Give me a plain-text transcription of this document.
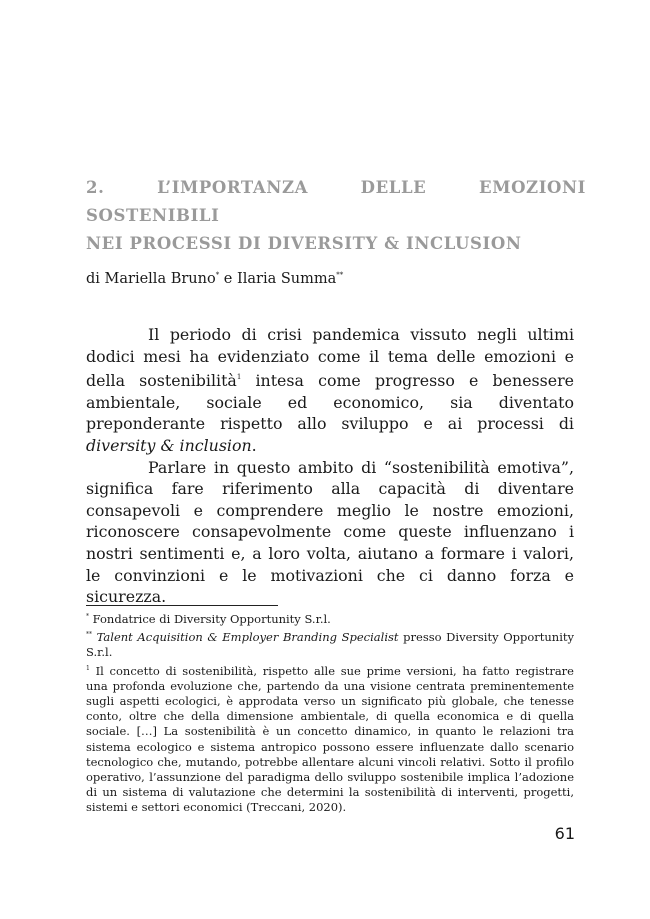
2. L’IMPORTANZA DELLE EMOZIONI SOSTENIBILI
NEI PROCESSI DI DIVERSITY & INCLUSION
di Mariella Bruno* e Ilaria Summa**

Il periodo di crisi pandemica vissuto negli ultimi dodici mesi ha evidenziato come il tema delle emozioni e della sostenibilità$^1$ intesa come progresso e benessere ambientale, sociale ed economico, sia diventato preponderante rispetto allo sviluppo e ai processi di diversity & inclusion.

Parlare in questo ambito di “sostenibilità emotiva”, significa fare riferimento alla capacità di diventare consapevoli e comprendere meglio le nostre emozioni, riconoscere consapevolmente come queste influenzano i nostri sentimenti e, a loro volta, aiutano a formare i valori, le convinzioni e le motivazioni che ci danno forza e sicurezza.

* Fondatrice di Diversity Opportunity S.r.l.

** Talent Acquisition & Employer Branding Specialist presso Diversity Opportunity S.r.l.

$^1$ Il concetto di sostenibilità, rispetto alle sue prime versioni, ha fatto registrare una profonda evoluzione che, partendo da una visione centrata preminentemente sugli aspetti ecologici, è approdata verso un significato più globale, che tenesse conto, oltre che della dimensione ambientale, di quella economica e di quella sociale. […] La sostenibilità è un concetto dinamico, in quanto le relazioni tra sistema ecologico e sistema antropico possono essere influenzate dallo scenario tecnologico che, mutando, potrebbe allentare alcuni vincoli relativi. Sotto il profilo operativo, l’assunzione del paradigma dello sviluppo sostenibile implica l’adozione di un sistema di valutazione che determini la sostenibilità di interventi, progetti, sistemi e settori economici (Treccani, 2020).

61
